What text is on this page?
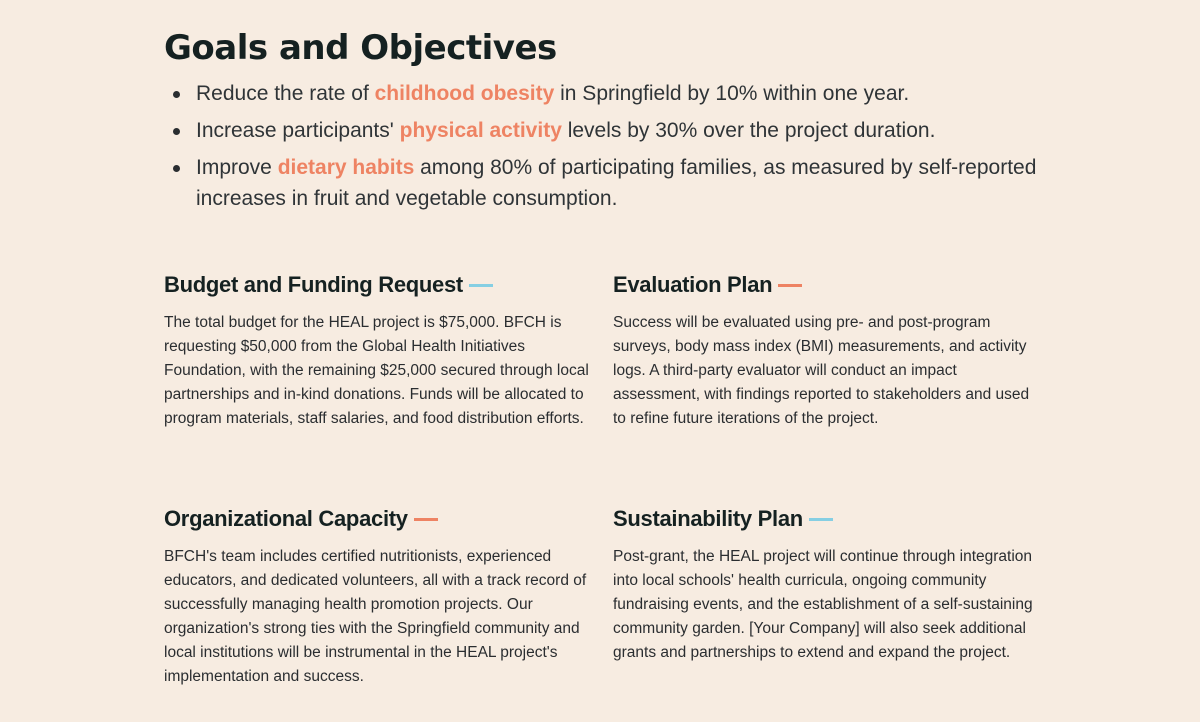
Goals and Objectives
Reduce the rate of childhood obesity in Springfield by 10% within one year.
Increase participants' physical activity levels by 30% over the project duration.
Improve dietary habits among 80% of participating families, as measured by self-reported increases in fruit and vegetable consumption.
Budget and Funding Request

The total budget for the HEAL project is $75,000. BFCH is requesting $50,000 from the Global Health Initiatives Foundation, with the remaining $25,000 secured through local partnerships and in-kind donations. Funds will be allocated to program materials, staff salaries, and food distribution efforts.

Evaluation Plan

Success will be evaluated using pre- and post-program surveys, body mass index (BMI) measurements, and activity logs. A third-party evaluator will conduct an impact assessment, with findings reported to stakeholders and used to refine future iterations of the project.

Organizational Capacity

BFCH's team includes certified nutritionists, experienced educators, and dedicated volunteers, all with a track record of successfully managing health promotion projects. Our organization's strong ties with the Springfield community and local institutions will be instrumental in the HEAL project's implementation and success.

Sustainability Plan

Post-grant, the HEAL project will continue through integration into local schools' health curricula, ongoing community fundraising events, and the establishment of a self-sustaining community garden. [Your Company] will also seek additional grants and partnerships to extend and expand the project.
